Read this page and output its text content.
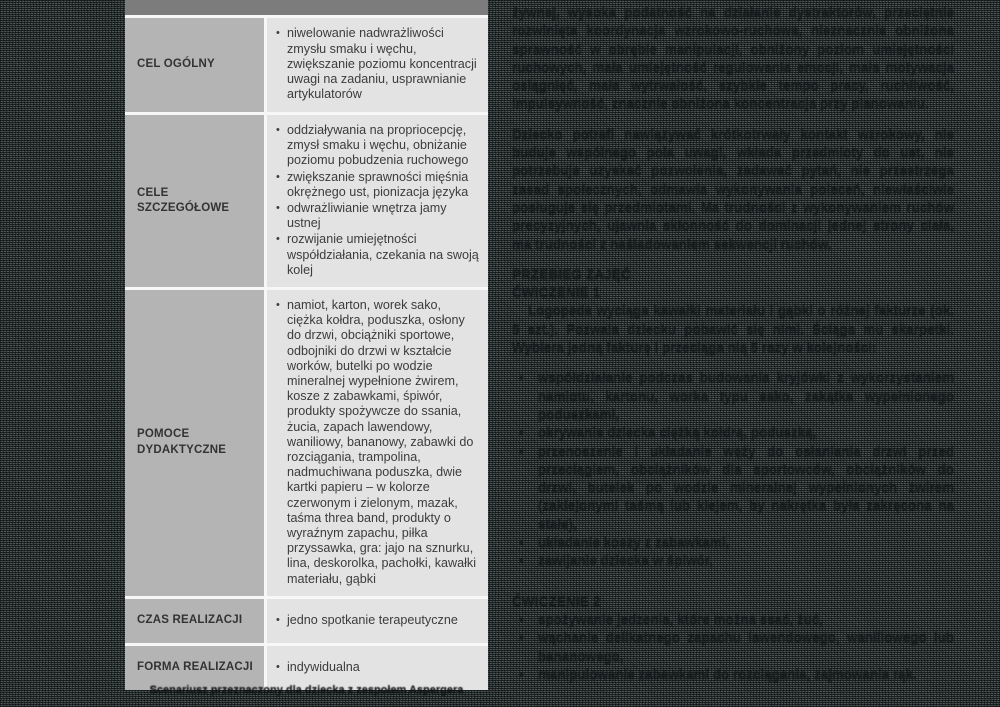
CEL OGÓLNY
• niwelowanie nadwrażliwości zmysłu smaku i węchu, zwiększanie poziomu koncentracji uwagi na zadaniu, usprawnianie artykulatorów
CELE SZCZEGÓŁOWE
• oddziaływania na propriocepcję, zmysł smaku i węchu, obniżanie poziomu pobudzenia ruchowego
• zwiększanie sprawności mięśnia okrężnego ust, pionizacja języka
• odwrażliwianie wnętrza jamy ustnej
• rozwijanie umiejętności współdziałania, czekania na swoją kolej
POMOCE DYDAKTYCZNE
• namiot, karton, worek sako, ciężka kołdra, poduszka, osłony do drzwi, obciążniki sportowe, odbojniki do drzwi w kształcie worków, butelki po wodzie mineralnej wypełnione żwirem, kosze z zabawkami, śpiwór, produkty spożywcze do ssania, żucia, zapach lawendowy, waniliowy, bananowy, zabawki do rozciągania, trampolina, nadmuchiwana poduszka, dwie kartki papieru – w kolorze czerwonym i zielonym, mazak, taśma threa band, produkty o wyraźnym zapachu, piłka przyssawka, gra: jajo na sznurku, lina, deskorolka, pachołki, kawałki materiału, gąbki
CZAS REALIZACJI	• jedno spotkanie terapeutyczne
FORMA REALIZACJI	• indywidualna
Scenariusz przeznaczony dla dziecka z zespołem Aspergera

żywnej, wysoka podatność na działanie dystraktorów, przeciętnie rozwinięta koordynacja wzrokowo-ruchowa, nieznacznie obniżona sprawność w obrębie manipulacji, obniżony poziom umiejętności ruchowych, mała umiejętność regulowania emocji, mała motywacja osiągnięć, mała wytrwałość, szybkie tempo pracy, ruchliwość, impulsywność, znacznie obniżona koncentracja przy planowaniu.

Dziecko potrafi nawiązywać krótkotrwały kontakt wzrokowy, nie buduje wspólnego pola uwagi, wkłada przedmioty do ust, nie potrzebuje uzyskać pozwolenia, zadawać pytań, nie przestrzega zasad społecznych, odmawia wykonywania poleceń, niewłaściwie posługuje się przedmiotami. Ma trudności z wykonywaniem ruchów precyzyjnych, ujawnia skłonność do dominacji jednej strony ciała, ma trudności z naśladowaniem sekwencji ruchów.

PRZEBIEG ZAJĘĆ
ĆWICZENIE 1

Logopeda wyciąga kawałki materiału i gąbki o różnej fakturze (ok. 5 szt.). Pozwala dziecku pobawić się nimi. Ściąga mu skarpetki. Wybiera jedną fakturę i przeciąga nią 5 razy w kolejności:

• współdziałanie podczas budowania kryjówki z wykorzystaniem namiotu, kartonu, worka typu sako, zakątka wypełnionego poduszkami,
• okrywanie dziecka ciężką kołdrą, poduszką,
• przenoszenie i układanie węży do osłaniania drzwi przed przeciągiem, obciążników dla sportowców, obciążników do drzwi, butelek po wodzie mineralnej wypełnionych żwirem (zaklejonymi taśmą lub klejem, by nakrętka była zakręcona na stałe),
• układanie koszy z zabawkami,
• zawijanie dziecka w śpiwór,
ĆWICZENIE 2
• spożywanie jedzenia, które można ssać, żuć,
• wąchanie delikatnego zapachu lawendowego, waniliowego lub bananowego,
• manipulowanie zabawkami do rozciągania, zajmowania rąk.
